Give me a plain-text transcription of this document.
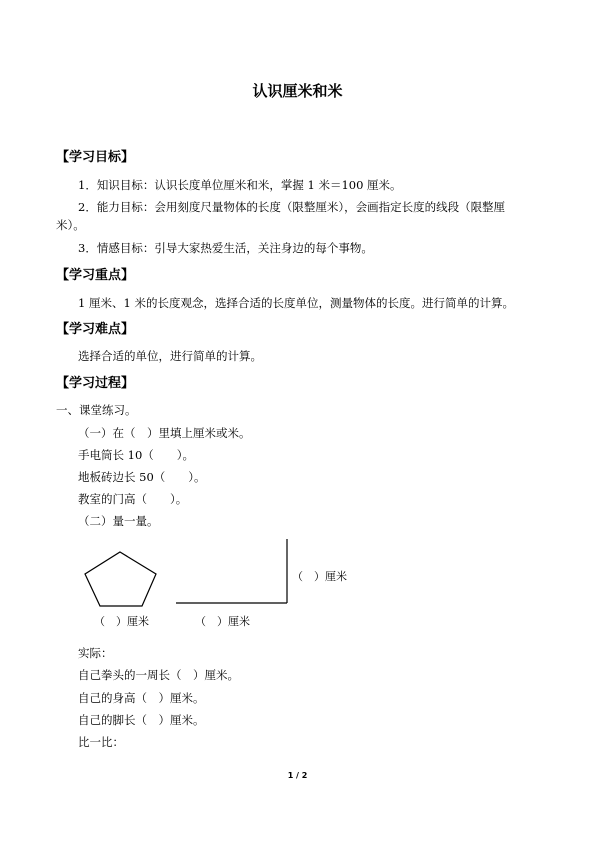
认识厘米和米
【学习目标】
1．知识目标：认识长度单位厘米和米，掌握 1 米＝100 厘米。
2．能力目标：会用刻度尺量物体的长度（限整厘米），会画指定长度的线段（限整厘
米）。
3．情感目标：引导大家热爱生活，关注身边的每个事物。
【学习重点】
1 厘米、1 米的长度观念，选择合适的长度单位，测量物体的长度。进行简单的计算。
【学习难点】
选择合适的单位，进行简单的计算。
【学习过程】
一、课堂练习。
（一）在（　）里填上厘米或米。
手电筒长 10（　　）。
地板砖边长 50（　　）。
教室的门高（　　）。
（二）量一量。
（　）厘米	（　）厘米
（　）厘米
实际：
自己拳头的一周长（　）厘米。
自己的身高（　）厘米。
自己的脚长（　）厘米。
比一比：
1 / 2
